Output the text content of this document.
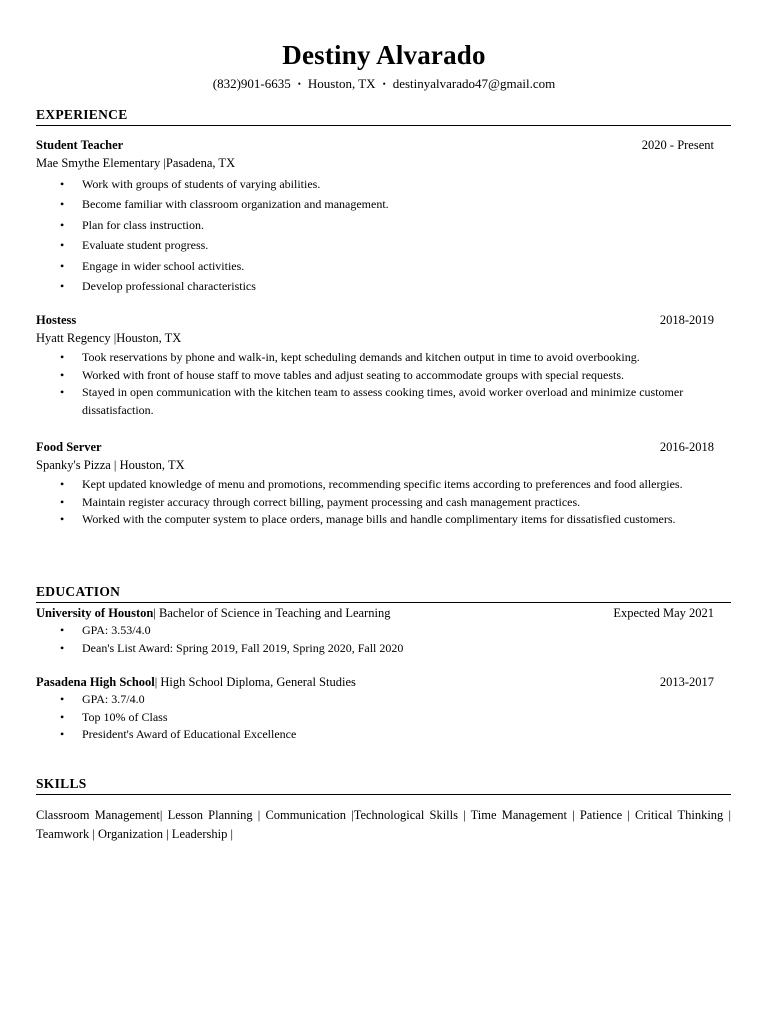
Destiny Alvarado
(832)901-6635 • Houston, TX • destinyalvarado47@gmail.com
EXPERIENCE
Student Teacher	2020 - Present
Mae Smythe Elementary |Pasadena, TX
• Work with groups of students of varying abilities.
• Become familiar with classroom organization and management.
• Plan for class instruction.
• Evaluate student progress.
• Engage in wider school activities.
• Develop professional characteristics
Hostess	2018-2019
Hyatt Regency |Houston, TX
• Took reservations by phone and walk-in, kept scheduling demands and kitchen output in time to avoid overbooking.
• Worked with front of house staff to move tables and adjust seating to accommodate groups with special requests.
• Stayed in open communication with the kitchen team to assess cooking times, avoid worker overload and minimize customer dissatisfaction.
Food Server	2016-2018
Spanky's Pizza | Houston, TX
• Kept updated knowledge of menu and promotions, recommending specific items according to preferences and food allergies.
• Maintain register accuracy through correct billing, payment processing and cash management practices.
• Worked with the computer system to place orders, manage bills and handle complimentary items for dissatisfied customers.
EDUCATION
University of Houston| Bachelor of Science in Teaching and Learning	Expected May 2021
• GPA: 3.53/4.0
• Dean's List Award: Spring 2019, Fall 2019, Spring 2020, Fall 2020
Pasadena High School| High School Diploma, General Studies	2013-2017
• GPA: 3.7/4.0
• Top 10% of Class
• President's Award of Educational Excellence
SKILLS
Classroom Management| Lesson Planning | Communication |Technological Skills | Time Management | Patience | Critical Thinking | Teamwork | Organization | Leadership |
